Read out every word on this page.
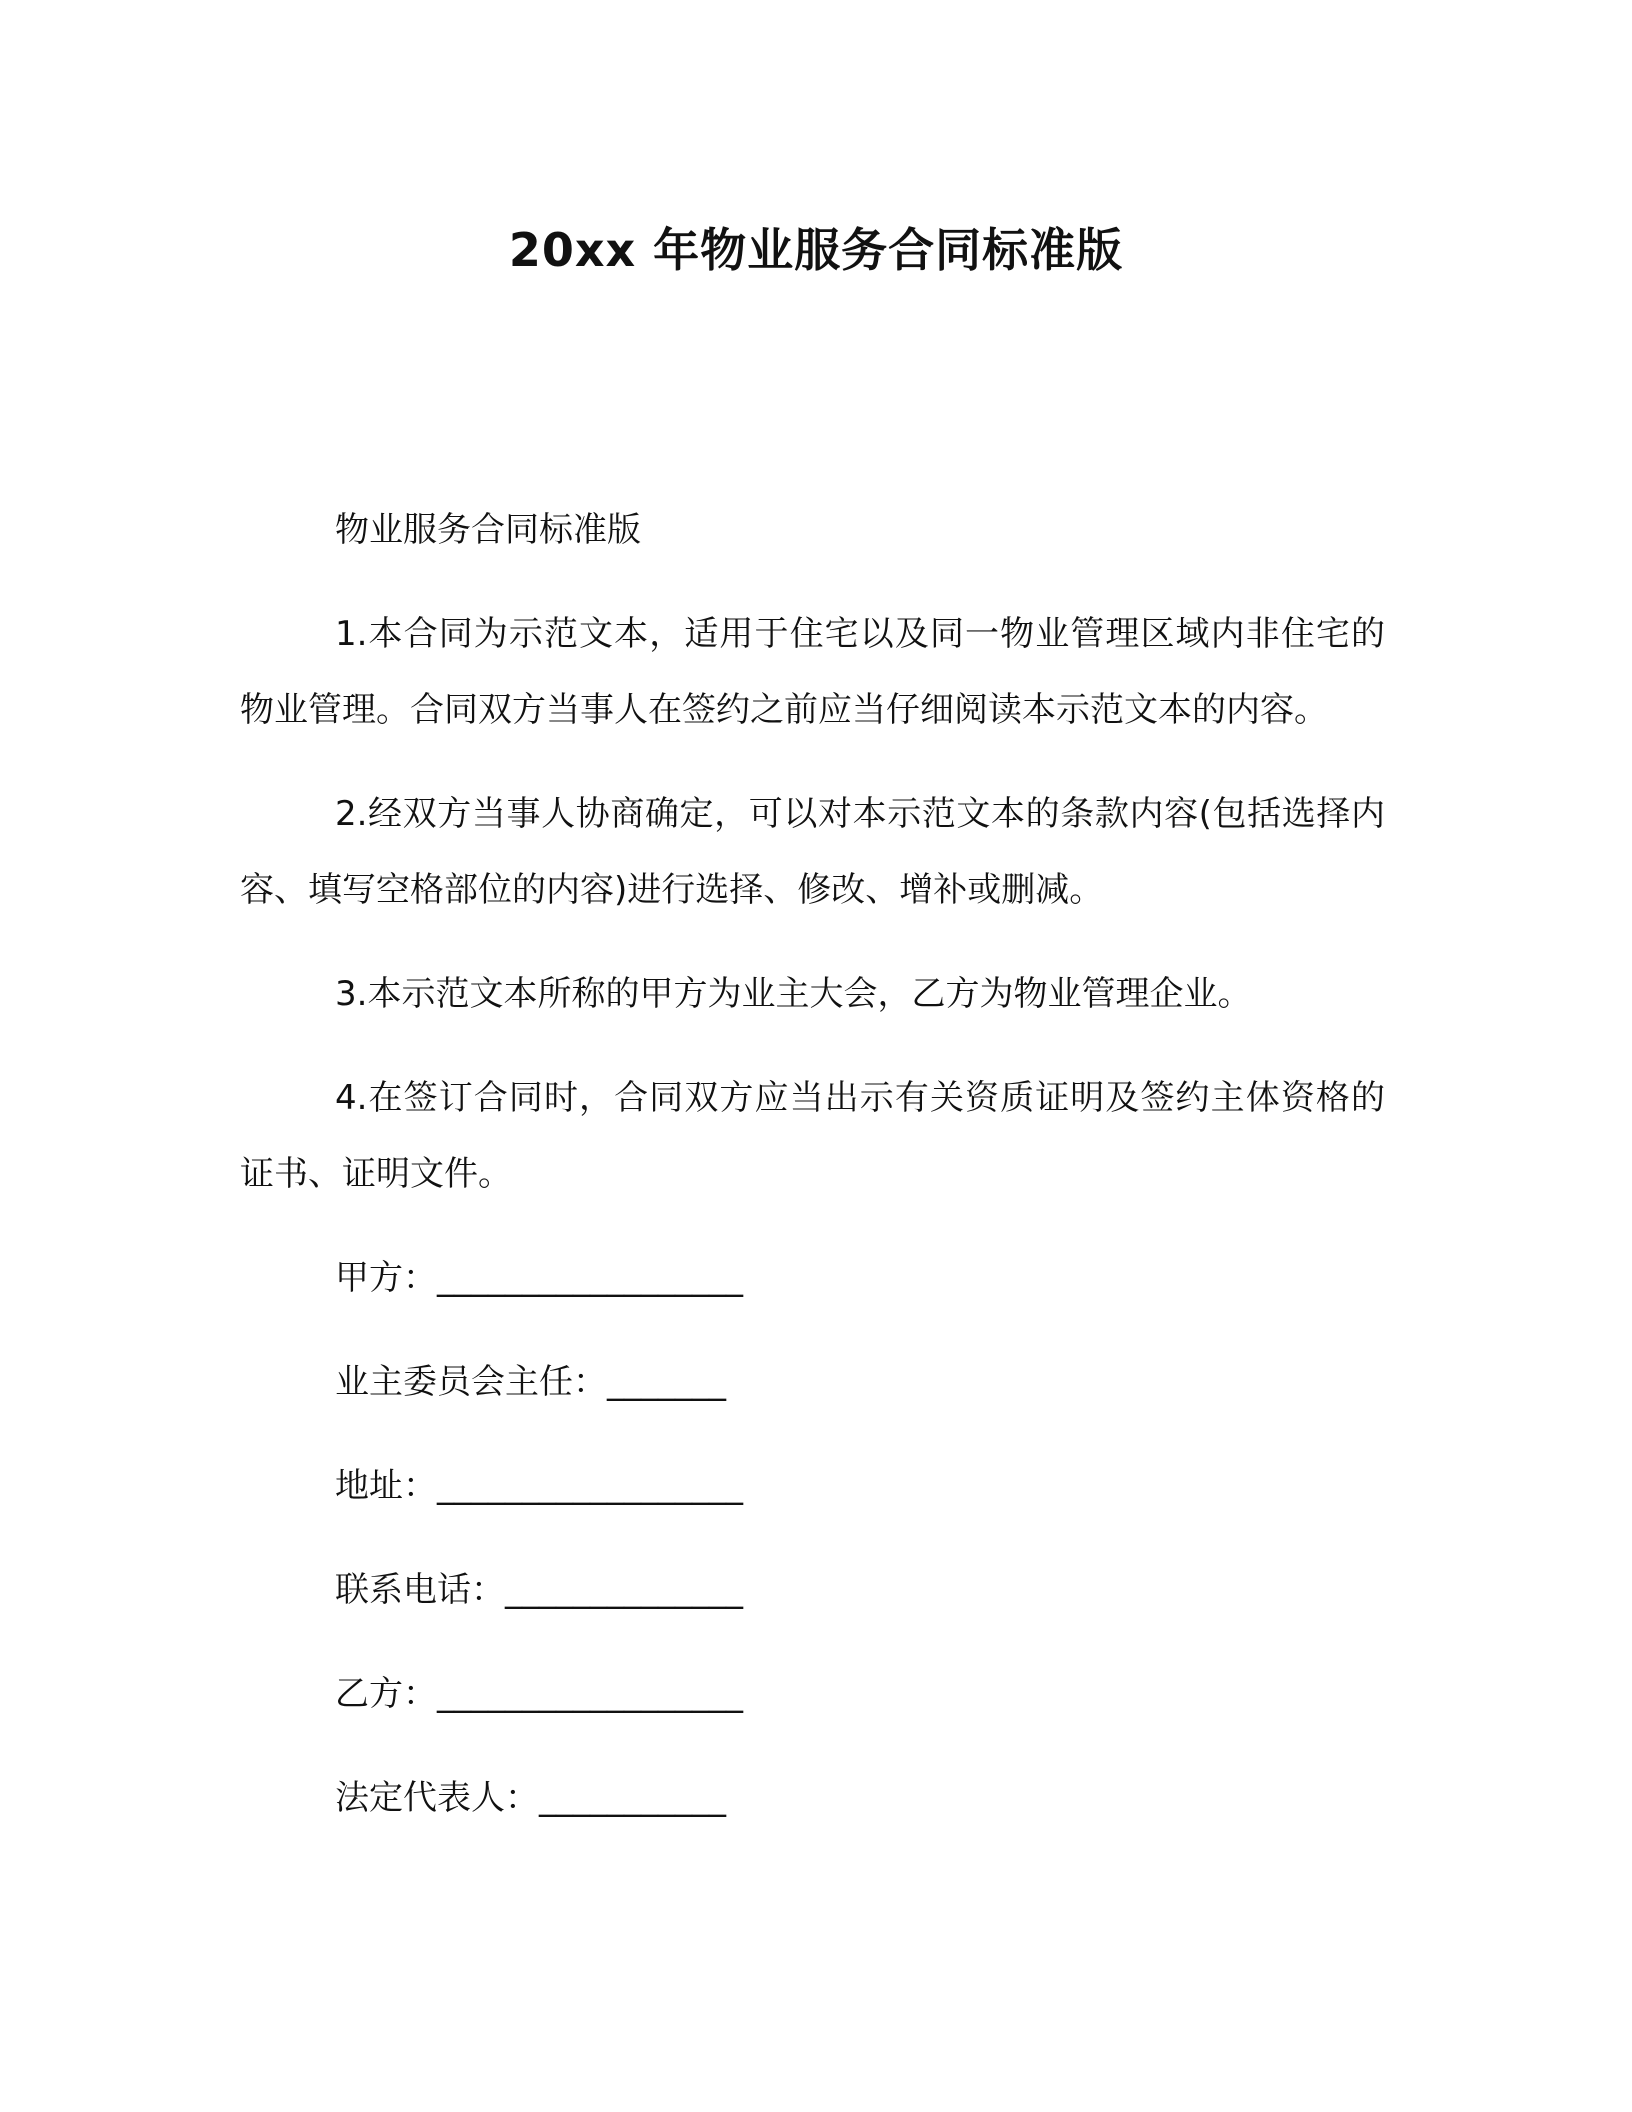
20xx 年物业服务合同标准版
物业服务合同标准版

1.本合同为示范文本，适用于住宅以及同一物业管理区域内非住宅的物业管理。合同双方当事人在签约之前应当仔细阅读本示范文本的内容。

2.经双方当事人协商确定，可以对本示范文本的条款内容(包括选择内容、填写空格部位的内容)进行选择、修改、增补或删减。

3.本示范文本所称的甲方为业主大会，乙方为物业管理企业。

4.在签订合同时，合同双方应当出示有关资质证明及签约主体资格的证书、证明文件。

甲方：__________________
业主委员会主任：_______
地址：__________________
联系电话：______________
乙方：__________________
法定代表人：___________
